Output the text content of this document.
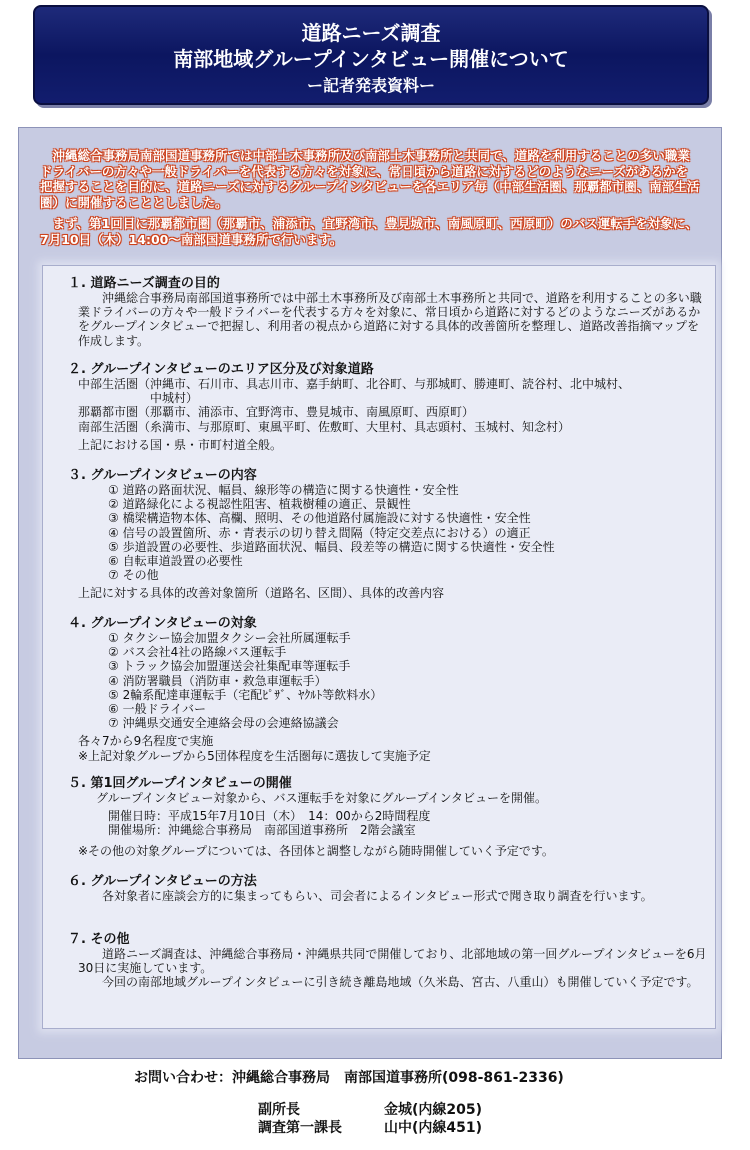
道路ニーズ調査
南部地域グループインタビュー開催について
ー記者発表資料ー

沖縄総合事務局南部国道事務所では中部土木事務所及び南部土木事務所と共同で、道路を利用することの多い職業ドライバーの方々や一般ドライバーを代表する方々を対象に、常日頃から道路に対するどのようなニーズがあるかを把握することを目的に、道路ニーズに対するグループインタビューを各エリア毎（中部生活圏、那覇都市圏、南部生活圏）に開催することとしました。

まず、第1回目に那覇都市圏（那覇市、浦添市、宜野湾市、豊見城市、南風原町、西原町）のバス運転手を対象に、7月10日（木）14:00～南部国道事務所で行います。

１. 道路ニーズ調査の目的

沖縄総合事務局南部国道事務所では中部土木事務所及び南部土木事務所と共同で、道路を利用することの多い職業ドライバーの方々や一般ドライバーを代表する方々を対象に、常日頃から道路に対するどのようなニーズがあるかをグループインタビューで把握し、利用者の視点から道路に対する具体的改善箇所を整理し、道路改善指摘マップを作成します。

２. グループインタビューのエリア区分及び対象道路

中部生活圏（沖縄市、石川市、具志川市、嘉手納町、北谷町、与那城町、勝連町、読谷村、北中城村、

　　　　　　中城村）

那覇都市圏（那覇市、浦添市、宜野湾市、豊見城市、南風原町、西原町）

南部生活圏（糸満市、与那原町、東風平町、佐敷町、大里村、具志頭村、玉城村、知念村）

上記における国・県・市町村道全般。

３. グループインタビューの内容

① 道路の路面状況、幅員、線形等の構造に関する快適性・安全性

② 道路緑化による視認性阻害、植栽樹種の適正、景観性

③ 橋梁構造物本体、高欄、照明、その他道路付属施設に対する快適性・安全性

④ 信号の設置箇所、赤・青表示の切り替え間隔（特定交差点における）の適正

⑤ 歩道設置の必要性、歩道路面状況、幅員、段差等の構造に関する快適性・安全性

⑥ 自転車道設置の必要性

⑦ その他

上記に対する具体的改善対象箇所（道路名、区間）、具体的改善内容

４. グループインタビューの対象

① タクシー協会加盟タクシー会社所属運転手

② バス会社4社の路線バス運転手

③ トラック協会加盟運送会社集配車等運転手

④ 消防署職員（消防車・救急車運転手）

⑤ 2輪系配達車運転手（宅配ﾋﾟｻﾞ、ﾔｸﾙﾄ等飲料水）

⑥ 一般ドライバー

⑦ 沖縄県交通安全連絡会母の会連絡協議会

各々7から9名程度で実施

※上記対象グループから5団体程度を生活圏毎に選抜して実施予定

５. 第1回グループインタビューの開催

グループインタビュー対象から、バス運転手を対象にグループインタビューを開催。

開催日時：平成15年7月10日（木）　14：00から2時間程度

開催場所：沖縄総合事務局　南部国道事務所　2階会議室

※その他の対象グループについては、各団体と調整しながら随時開催していく予定です。

６. グループインタビューの方法

各対象者に座談会方的に集まってもらい、司会者によるインタビュー形式で聞き取り調査を行います。

７. その他

道路ニーズ調査は、沖縄総合事務局・沖縄県共同で開催しており、北部地域の第一回グループインタビューを6月30日に実施しています。

今回の南部地域グループインタビューに引き続き離島地域（久米島、宮古、八重山）も開催していく予定です。

お問い合わせ：沖縄総合事務局　南部国道事務所(098-861-2336)
副所長	金城(内線205)
調査第一課長	山中(内線451)
